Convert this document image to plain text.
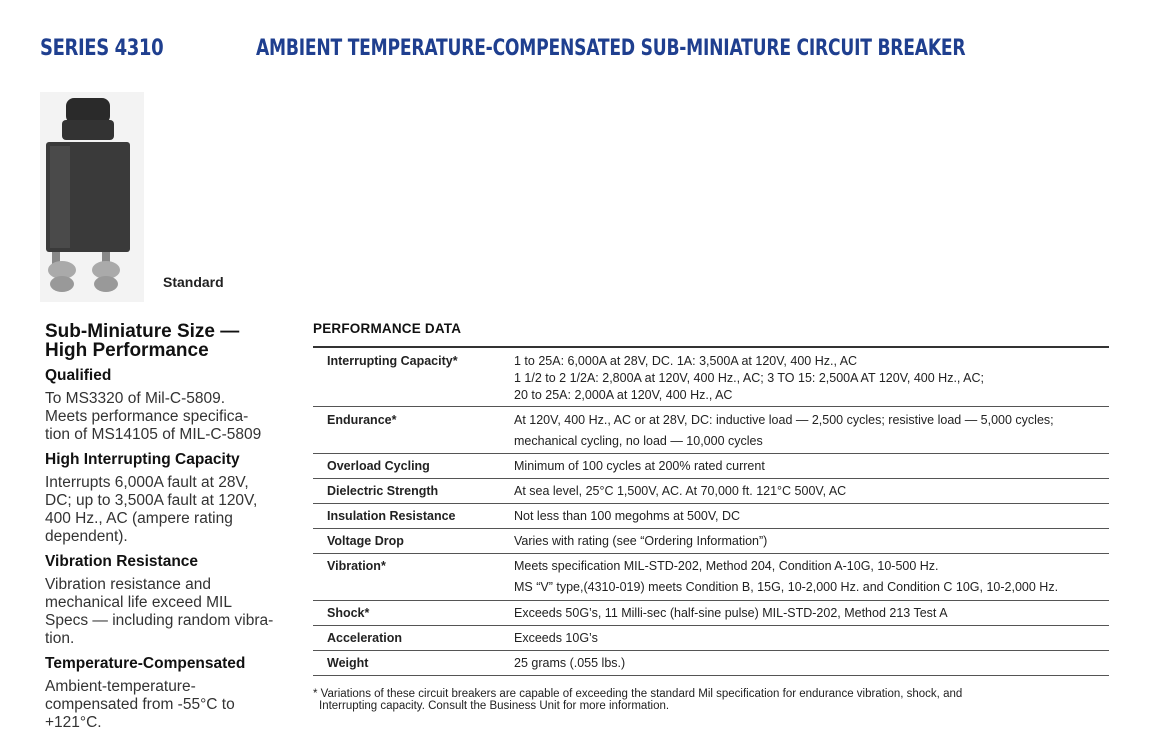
SERIES 4310	AMBIENT TEMPERATURE-COMPENSATED SUB-MINIATURE CIRCUIT BREAKER
Standard
Sub-Miniature Size —
High Performance
Qualified

To MS3320 of Mil-C-5809.
Meets performance specifica-
tion of MS14105 of MIL-C-5809

High Interrupting Capacity

Interrupts 6,000A fault at 28V,
DC; up to 3,500A fault at 120V,
400 Hz., AC (ampere rating
dependent).

Vibration Resistance

Vibration resistance and
mechanical life exceed MIL
Specs — including random vibra-
tion.

Temperature-Compensated

Ambient-temperature-
compensated from -55°C to
+121°C.

PERFORMANCE DATA
Interrupting Capacity*	1 to 25A: 6,000A at 28V, DC. 1A: 3,500A at 120V, 400 Hz., AC
1 1/2 to 2 1/2A: 2,800A at 120V, 400 Hz., AC; 3 TO 15: 2,500A AT 120V, 400 Hz., AC;
20 to 25A: 2,000A at 120V, 400 Hz., AC

Endurance*	At 120V, 400 Hz., AC or at 28V, DC: inductive load — 2,500 cycles; resistive load — 5,000 cycles;
mechanical cycling, no load — 10,000 cycles

Overload Cycling	Minimum of 100 cycles at 200% rated current

Dielectric Strength	At sea level, 25°C 1,500V, AC. At 70,000 ft. 121°C 500V, AC

Insulation Resistance	Not less than 100 megohms at 500V, DC

Voltage Drop	Varies with rating (see “Ordering Information”)

Vibration*	Meets specification MIL-STD-202, Method 204, Condition A-10G, 10-500 Hz.
MS “V” type,(4310-019) meets Condition B, 15G, 10-2,000 Hz. and Condition C 10G, 10-2,000 Hz.

Shock*	Exceeds 50G’s, 11 Milli-sec (half-sine pulse) MIL-STD-202, Method 213 Test A

Acceleration	Exceeds 10G’s

Weight	25 grams (.055 lbs.)
* Variations of these circuit breakers are capable of exceeding the standard Mil specification for endurance vibration, shock, and
Interrupting capacity. Consult the Business Unit for more information.
